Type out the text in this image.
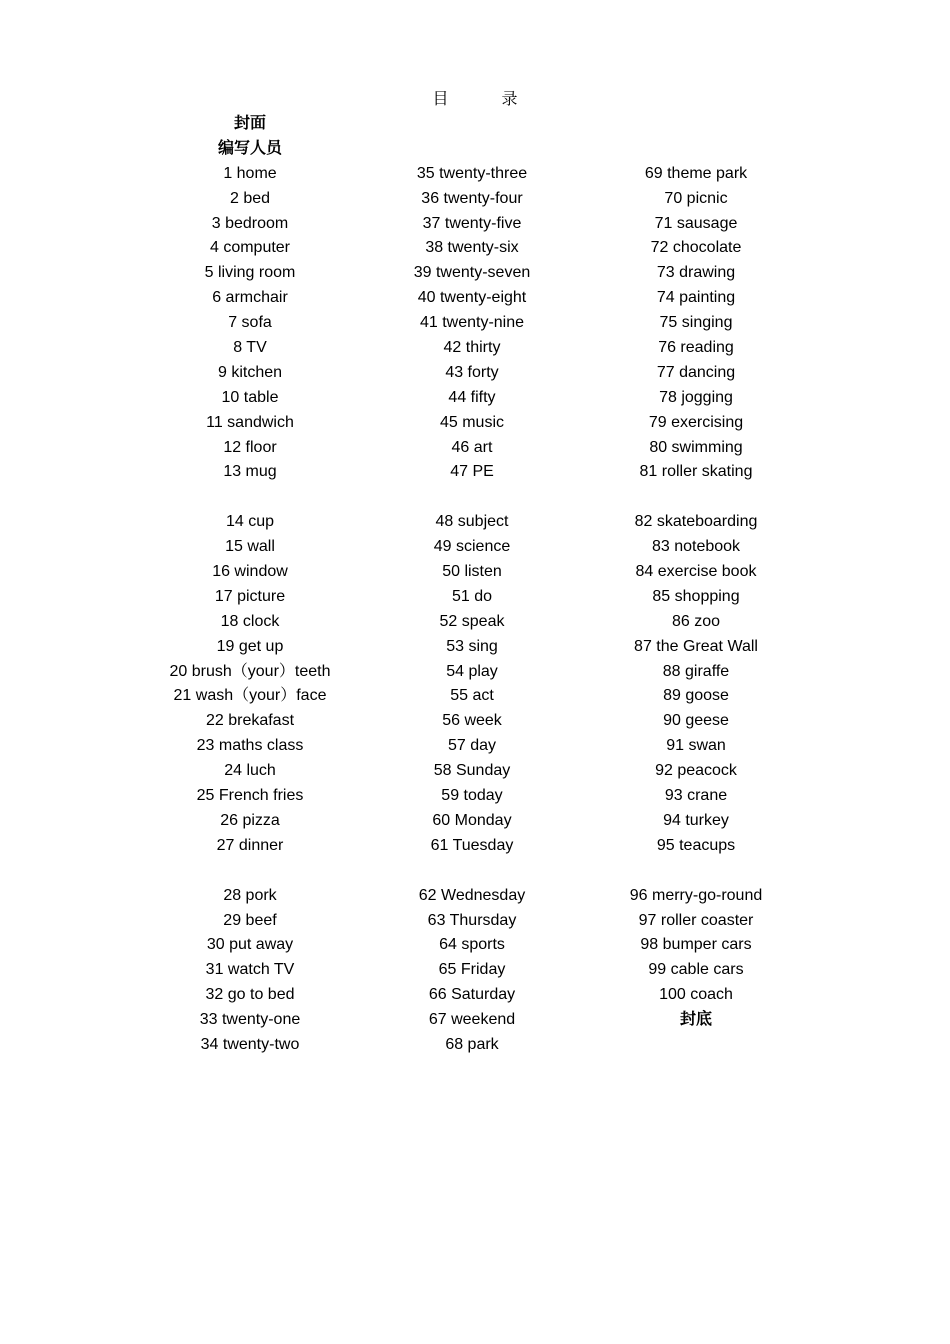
目 录
封面
编写人员
1 home
2 bed
3 bedroom
4 computer
5 living room
6 armchair
7 sofa
8 TV
9 kitchen
10 table
11 sandwich
12 floor
13 mug
14 cup
15 wall
16 window
17 picture
18 clock
19 get up
20 brush（your）teeth
21 wash（your）face
22 brekafast
23 maths class
24 luch
25 French fries
26 pizza
27 dinner
28 pork
29 beef
30 put away
31 watch TV
32 go to bed
33 twenty-one
34 twenty-two
35 twenty-three
36 twenty-four
37 twenty-five
38 twenty-six
39 twenty-seven
40 twenty-eight
41 twenty-nine
42 thirty
43 forty
44 fifty
45 music
46 art
47 PE
48 subject
49 science
50 listen
51 do
52 speak
53 sing
54 play
55 act
56 week
57 day
58 Sunday
59 today
60 Monday
61 Tuesday
62 Wednesday
63 Thursday
64 sports
65 Friday
66 Saturday
67 weekend
68 park
69 theme park
70 picnic
71 sausage
72 chocolate
73 drawing
74 painting
75 singing
76 reading
77 dancing
78 jogging
79 exercising
80 swimming
81 roller skating
82 skateboarding
83 notebook
84 exercise book
85 shopping
86 zoo
87 the Great Wall
88 giraffe
89 goose
90 geese
91 swan
92 peacock
93 crane
94 turkey
95 teacups
96 merry-go-round
97 roller coaster
98 bumper cars
99 cable cars
100 coach
封底
